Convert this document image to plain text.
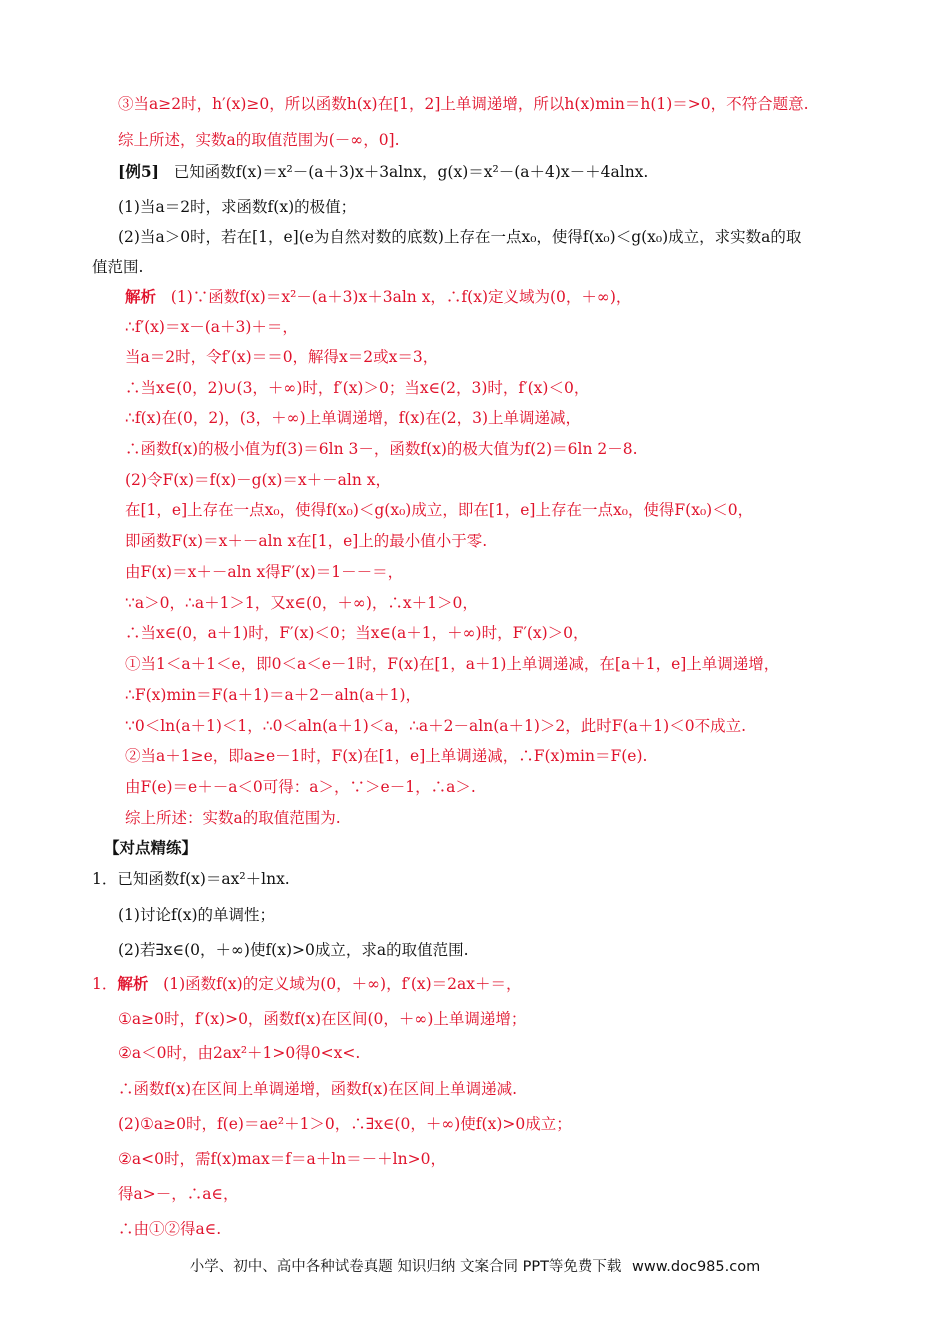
③当a≥2时，h′(x)≥0，所以函数h(x)在[1，2]上单调递增，所以h(x)min＝h(1)＝>0，不符合题意.
综上所述，实数a的取值范围为(－∞，0].
[例5] 已知函数f(x)＝x²－(a＋3)x＋3alnx，g(x)＝x²－(a＋4)x－＋4alnx.
(1)当a＝2时，求函数f(x)的极值；
(2)当a＞0时，若在[1，e](e为自然对数的底数)上存在一点x₀，使得f(x₀)＜g(x₀)成立，求实数a的取
值范围.
解析 (1)∵函数f(x)＝x²－(a＋3)x＋3aln x，∴f(x)定义域为(0，＋∞)，
∴f′(x)＝x－(a＋3)＋＝，
当a＝2时，令f′(x)＝＝0，解得x＝2或x＝3，
∴当x∈(0，2)∪(3，＋∞)时，f′(x)＞0；当x∈(2，3)时，f′(x)＜0，
∴f(x)在(0，2)，(3，＋∞)上单调递增，f(x)在(2，3)上单调递减，
∴函数f(x)的极小值为f(3)＝6ln 3－，函数f(x)的极大值为f(2)＝6ln 2－8.
(2)令F(x)＝f(x)－g(x)＝x＋－aln x，
在[1，e]上存在一点x₀，使得f(x₀)＜g(x₀)成立，即在[1，e]上存在一点x₀，使得F(x₀)＜0，
即函数F(x)＝x＋－aln x在[1，e]上的最小值小于零.
由F(x)＝x＋－aln x得F′(x)＝1－－＝，
∵a＞0，∴a＋1＞1，又x∈(0，＋∞)，∴x＋1＞0，
∴当x∈(0，a＋1)时，F′(x)＜0；当x∈(a＋1，＋∞)时，F′(x)＞0，
①当1＜a＋1＜e，即0＜a＜e－1时，F(x)在[1，a＋1)上单调递减，在[a＋1，e]上单调递增，
∴F(x)min＝F(a＋1)＝a＋2－aln(a＋1)，
∵0＜ln(a＋1)＜1，∴0＜aln(a＋1)＜a，∴a＋2－aln(a＋1)＞2，此时F(a＋1)＜0不成立.
②当a＋1≥e，即a≥e－1时，F(x)在[1，e]上单调递减，∴F(x)min＝F(e).
由F(e)＝e＋－a＜0可得：a＞，∵＞e－1，∴a＞.
综上所述：实数a的取值范围为.
【对点精练】
1．已知函数f(x)＝ax²＋lnx.
(1)讨论f(x)的单调性；
(2)若∃x∈(0，＋∞)使f(x)>0成立，求a的取值范围.
1．解析 (1)函数f(x)的定义域为(0，＋∞)，f′(x)＝2ax＋＝，
①a≥0时，f′(x)>0，函数f(x)在区间(0，＋∞)上单调递增；
②a＜0时，由2ax²＋1>0得0<x<.
∴函数f(x)在区间上单调递增，函数f(x)在区间上单调递减.
(2)①a≥0时，f(e)＝ae²＋1＞0，∴∃x∈(0，＋∞)使f(x)>0成立；
②a<0时，需f(x)max＝f＝a＋ln＝－＋ln>0，
得a>－，∴a∈，
∴由①②得a∈.
小学、初中、高中各种试卷真题 知识归纳 文案合同 PPT等免费下载 www.doc985.com
